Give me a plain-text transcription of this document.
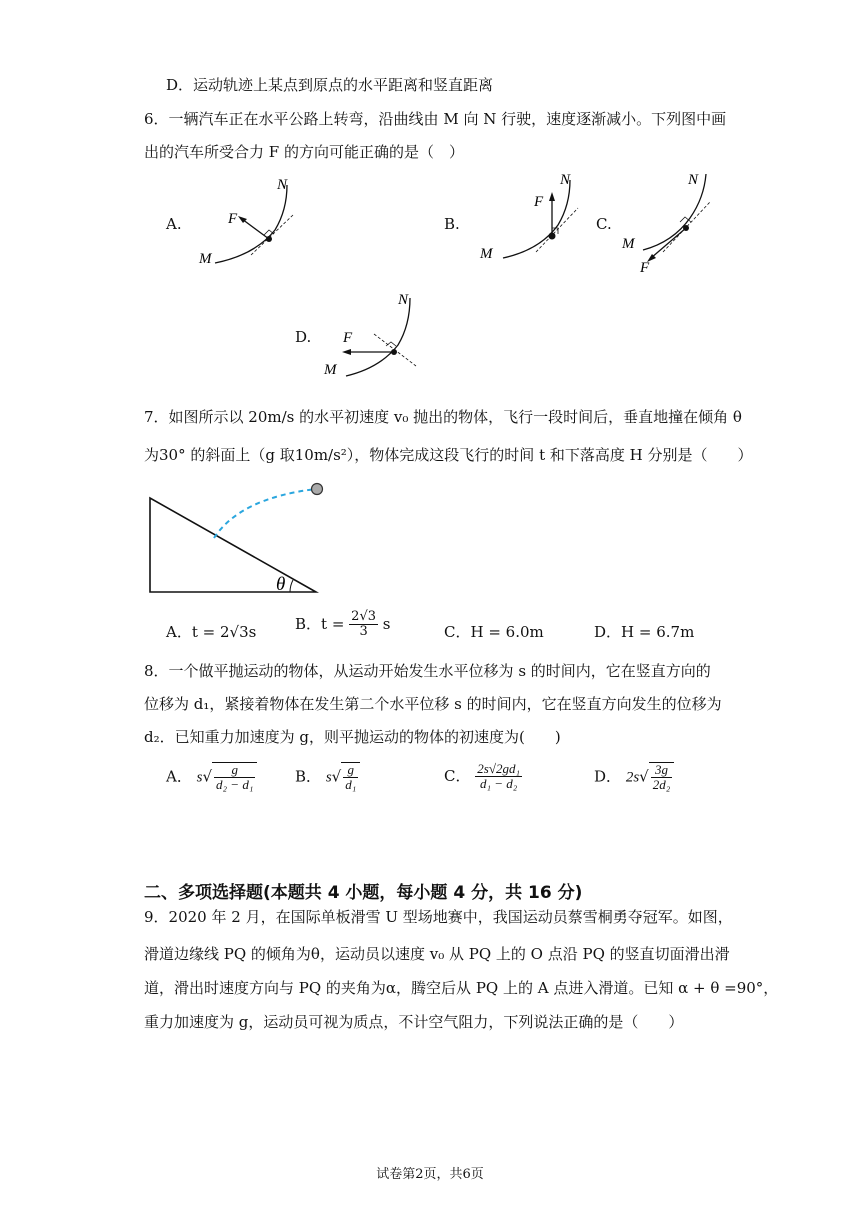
D．运动轨迹上某点到原点的水平距离和竖直距离
6．一辆汽车正在水平公路上转弯，沿曲线由 M 向 N 行驶，速度逐渐减小。下列图中画
出的汽车所受合力 F 的方向可能正确的是（　）
A.	F
M
N
B.
F
M
N
C.
F
M
N
D. F
M
N
7．如图所示以 20m/s 的水平初速度 v₀ 抛出的物体，飞行一段时间后，垂直地撞在倾角 θ
为30° 的斜面上（g 取10m/s²），物体完成这段飞行的时间 t 和下落高度 H 分别是（　　）
θ
A．t = 2√3s	B．$t = \frac{2√3}{3}$ s	C．H = 6.0m	D．H = 6.7m
8．一个做平抛运动的物体，从运动开始发生水平位移为 s 的时间内，它在竖直方向的
位移为 d₁，紧接着物体在发生第二个水平位移 s 的时间内，它在竖直方向发生的位移为
d₂．已知重力加速度为 g，则平抛运动的物体的初速度为(　　)
A． $s√ \frac{g}{\text{d₂ − d₁}}$	B． $s√ \frac{g}{\text{d₁}}$	C． $\frac{\text{2s√2gd₁}}{\text{d₁ − d₂}}$	D． $2s√ \frac{3g}{\text{2d₂}}$
二、多项选择题(本题共 4 小题，每小题 4 分，共 16 分)
9．2020 年 2 月，在国际单板滑雪 U 型场地赛中，我国运动员蔡雪桐勇夺冠军。如图，
滑道边缘线 PQ 的倾角为θ，运动员以速度 v₀ 从 PQ 上的 O 点沿 PQ 的竖直切面滑出滑
道，滑出时速度方向与 PQ 的夹角为α，腾空后从 PQ 上的 A 点进入滑道。已知 α + θ =90°，
重力加速度为 g，运动员可视为质点，不计空气阻力，下列说法正确的是（　　）
试卷第2页，共6页
